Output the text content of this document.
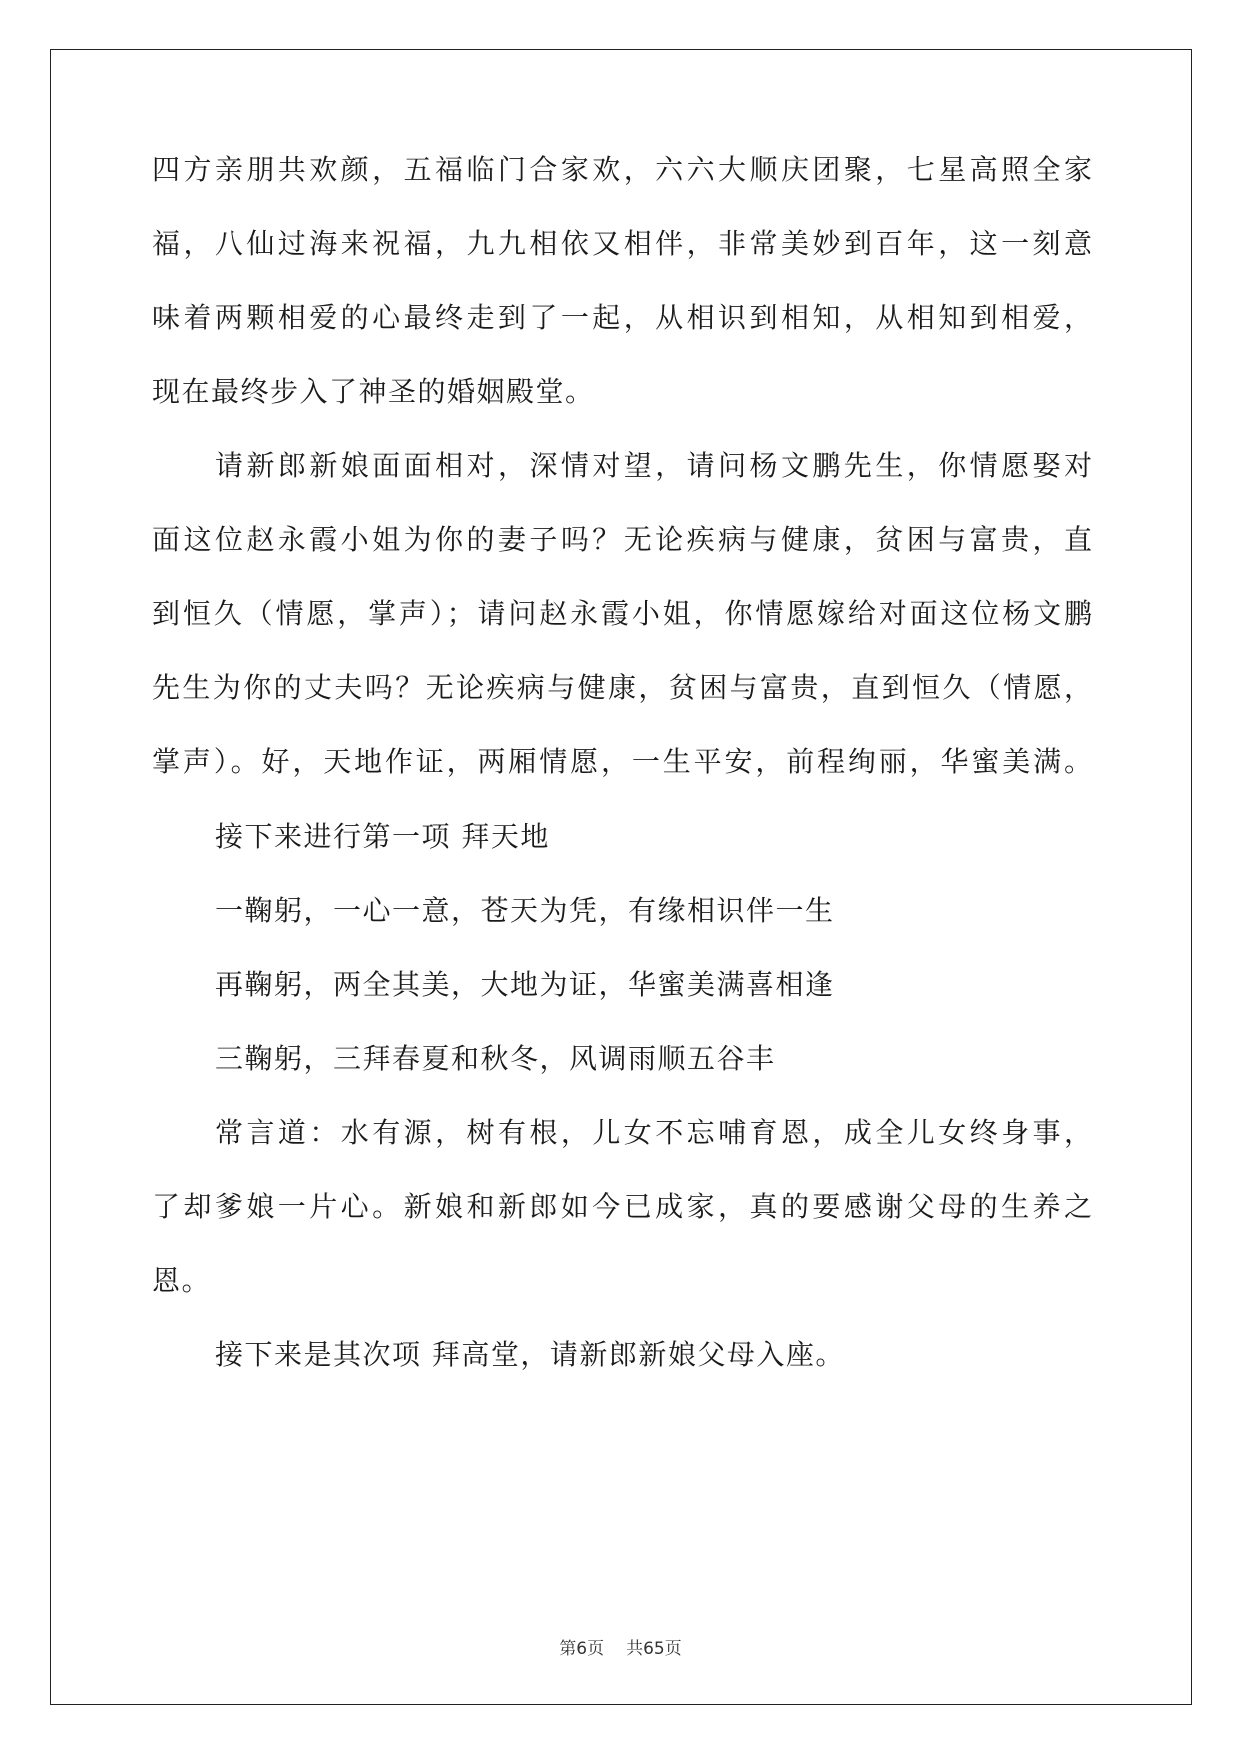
四方亲朋共欢颜，五福临门合家欢，六六大顺庆团聚，七星高照全家
福，八仙过海来祝福，九九相依又相伴，非常美妙到百年，这一刻意
味着两颗相爱的心最终走到了一起，从相识到相知，从相知到相爱，
现在最终步入了神圣的婚姻殿堂。
请新郎新娘面面相对，深情对望，请问杨文鹏先生，你情愿娶对
面这位赵永霞小姐为你的妻子吗？无论疾病与健康，贫困与富贵，直
到恒久（情愿，掌声）；请问赵永霞小姐，你情愿嫁给对面这位杨文鹏
先生为你的丈夫吗？无论疾病与健康，贫困与富贵，直到恒久（情愿，
掌声）。好，天地作证，两厢情愿，一生平安，前程绚丽，华蜜美满。
接下来进行第一项 拜天地
一鞠躬，一心一意，苍天为凭，有缘相识伴一生
再鞠躬，两全其美，大地为证，华蜜美满喜相逢
三鞠躬，三拜春夏和秋冬，风调雨顺五谷丰
常言道：水有源，树有根，儿女不忘哺育恩，成全儿女终身事，
了却爹娘一片心。新娘和新郎如今已成家，真的要感谢父母的生养之
恩。
接下来是其次项 拜高堂，请新郎新娘父母入座。
第6页 共65页
